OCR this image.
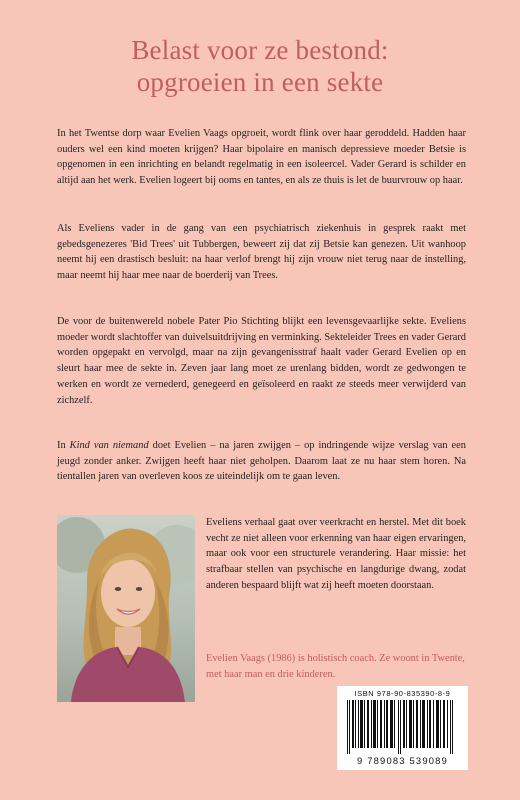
Belast voor ze bestond:
opgroeien in een sekte

In het Twentse dorp waar Evelien Vaags opgroeit, wordt flink over haar geroddeld. Hadden haar ouders wel een kind moeten krijgen? Haar bipolaire en manisch depressieve moeder Betsie is opgenomen in een inrichting en belandt regelmatig in een isoleercel. Vader Gerard is schilder en altijd aan het werk. Evelien logeert bij ooms en tantes, en als ze thuis is let de buurvrouw op haar.

Als Eveliens vader in de gang van een psychiatrisch ziekenhuis in gesprek raakt met gebedsgenezeres 'Bid Trees' uit Tubbergen, beweert zij dat zij Betsie kan genezen. Uit wanhoop neemt hij een drastisch besluit: na haar verlof brengt hij zijn vrouw niet terug naar de instelling, maar neemt hij haar mee naar de boerderij van Trees.

De voor de buitenwereld nobele Pater Pio Stichting blijkt een levensgevaarlijke sekte. Eveliens moeder wordt slachtoffer van duivelsuitdrijving en verminking. Sekteleider Trees en vader Gerard worden opgepakt en vervolgd, maar na zijn gevangenisstraf haalt vader Gerard Evelien op en sleurt haar mee de sekte in. Zeven jaar lang moet ze urenlang bidden, wordt ze gedwongen te werken en wordt ze vernederd, genegeerd en geïsoleerd en raakt ze steeds meer verwijderd van zichzelf.

In Kind van niemand doet Evelien – na jaren zwijgen – op indringende wijze verslag van een jeugd zonder anker. Zwijgen heeft haar niet geholpen. Daarom laat ze nu haar stem horen. Na tientallen jaren van overleven koos ze uiteindelijk om te gaan leven.

Eveliens verhaal gaat over veerkracht en herstel. Met dit boek vecht ze niet alleen voor erkenning van haar eigen ervaringen, maar ook voor een structurele verandering. Haar missie: het strafbaar stellen van psychische en langdurige dwang, zodat anderen bespaard blijft wat zij heeft moeten doorstaan.

Evelien Vaags (1986) is holistisch coach. Ze woont in Twente, met haar man en drie kinderen.

ISBN 978-90-835390-8-9
9 789083 539089
